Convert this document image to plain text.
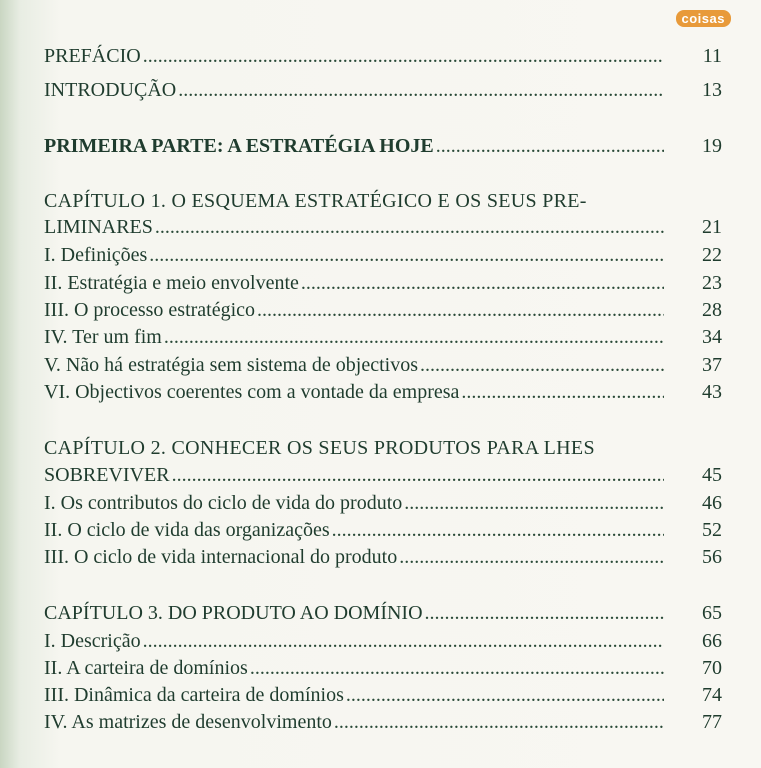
coisas
PREFÁCIO .....	11
INTRODUÇÃO .....	13
PRIMEIRA PARTE: A ESTRATÉGIA HOJE .....	19
CAPÍTULO 1. O ESQUEMA ESTRATÉGICO E OS SEUS PRE-
LIMINARES .....	21
I. Definições .....	22
II. Estratégia e meio envolvente .....	23
III. O processo estratégico .....	28
IV. Ter um fim .....	34
V. Não há estratégia sem sistema de objectivos .....	37
VI. Objectivos coerentes com a vontade da empresa .....	43
CAPÍTULO 2. CONHECER OS SEUS PRODUTOS PARA LHES
SOBREVIVER .....	45
I. Os contributos do ciclo de vida do produto .....	46
II. O ciclo de vida das organizações .....	52
III. O ciclo de vida internacional do produto .....	56
CAPÍTULO 3. DO PRODUTO AO DOMÍNIO .....	65
I. Descrição .....	66
II. A carteira de domínios .....	70
III. Dinâmica da carteira de domínios .....	74
IV. As matrizes de desenvolvimento .....	77
